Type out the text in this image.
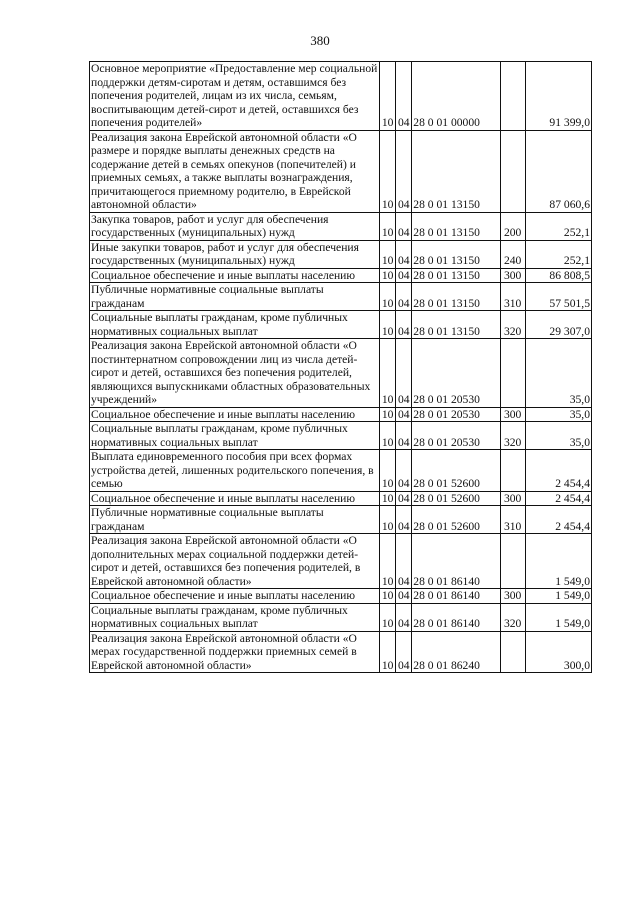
380
Основное мероприятие «Предоставление мер социальной поддержки детям-сиротам и детям, оставшимся без попечения родителей, лицам из их числа, семьям, воспитывающим детей-сирот и детей, оставшихся без попечения родителей»	10	04	28 0 01 00000		91 399,0
Реализация закона Еврейской автономной области «О размере и порядке выплаты денежных средств на содержание детей в семьях опекунов (попечителей) и приемных семьях, а также выплаты вознаграждения, причитающегося приемному родителю, в Еврейской автономной области»	10	04	28 0 01 13150		87 060,6
Закупка товаров, работ и услуг для обеспечения государственных (муниципальных) нужд	10	04	28 0 01 13150	200	252,1
Иные закупки товаров, работ и услуг для обеспечения государственных (муниципальных) нужд	10	04	28 0 01 13150	240	252,1
Социальное обеспечение и иные выплаты населению	10	04	28 0 01 13150	300	86 808,5
Публичные нормативные социальные выплаты гражданам	10	04	28 0 01 13150	310	57 501,5
Социальные выплаты гражданам, кроме публичных нормативных социальных выплат	10	04	28 0 01 13150	320	29 307,0
Реализация закона Еврейской автономной области «О постинтернатном сопровождении лиц из числа детей-сирот и детей, оставшихся без попечения родителей, являющихся выпускниками областных образовательных учреждений»	10	04	28 0 01 20530		35,0
Социальное обеспечение и иные выплаты населению	10	04	28 0 01 20530	300	35,0
Социальные выплаты гражданам, кроме публичных нормативных социальных выплат	10	04	28 0 01 20530	320	35,0
Выплата единовременного пособия при всех формах устройства детей, лишенных родительского попечения, в семью	10	04	28 0 01 52600		2 454,4
Социальное обеспечение и иные выплаты населению	10	04	28 0 01 52600	300	2 454,4
Публичные нормативные социальные выплаты гражданам	10	04	28 0 01 52600	310	2 454,4
Реализация закона Еврейской автономной области «О дополнительных мерах социальной поддержки детей-сирот и детей, оставшихся без попечения родителей, в Еврейской автономной области»	10	04	28 0 01 86140		1 549,0
Социальное обеспечение и иные выплаты населению	10	04	28 0 01 86140	300	1 549,0
Социальные выплаты гражданам, кроме публичных нормативных социальных выплат	10	04	28 0 01 86140	320	1 549,0
Реализация закона Еврейской автономной области «О мерах государственной поддержки приемных семей в Еврейской автономной области»	10	04	28 0 01 86240		300,0
